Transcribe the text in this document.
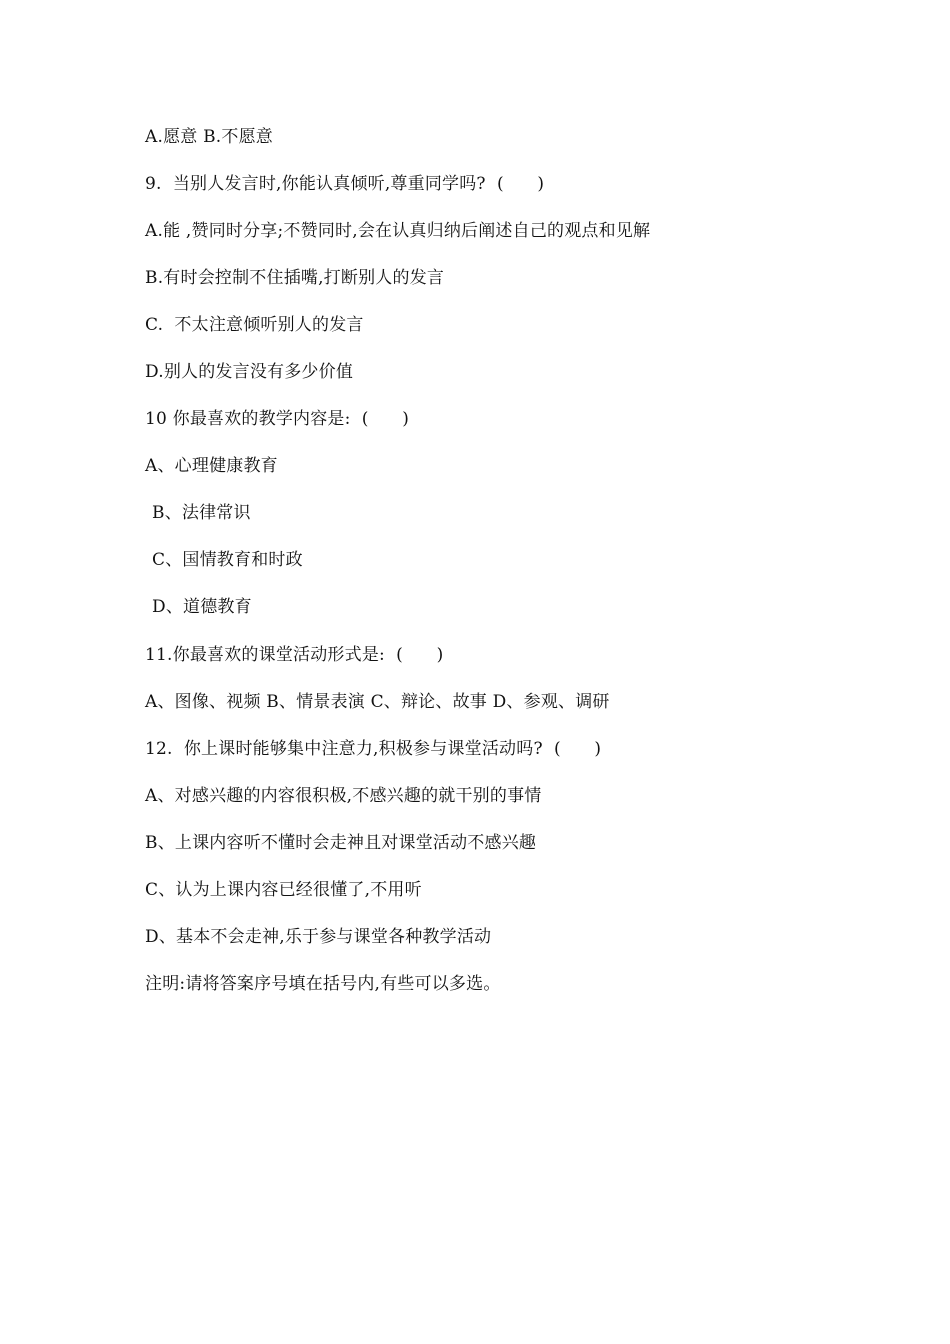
A.愿意 B.不愿意
9.  当别人发言时,你能认真倾听,尊重同学吗?  (      )
A.能 ,赞同时分享;不赞同时,会在认真归纳后阐述自己的观点和见解
B.有时会控制不住插嘴,打断别人的发言
C.  不太注意倾听别人的发言
D.别人的发言没有多少价值
10 你最喜欢的教学内容是:  (      )
A、心理健康教育
B、法律常识
C、国情教育和时政
D、道德教育
11.你最喜欢的课堂活动形式是:  (      )
A、图像、视频 B、情景表演 C、辩论、故事 D、参观、调研
12.  你上课时能够集中注意力,积极参与课堂活动吗?  (      )
A、对感兴趣的内容很积极,不感兴趣的就干别的事情
B、上课内容听不懂时会走神且对课堂活动不感兴趣
C、认为上课内容已经很懂了,不用听
D、基本不会走神,乐于参与课堂各种教学活动
注明:请将答案序号填在括号内,有些可以多选。
